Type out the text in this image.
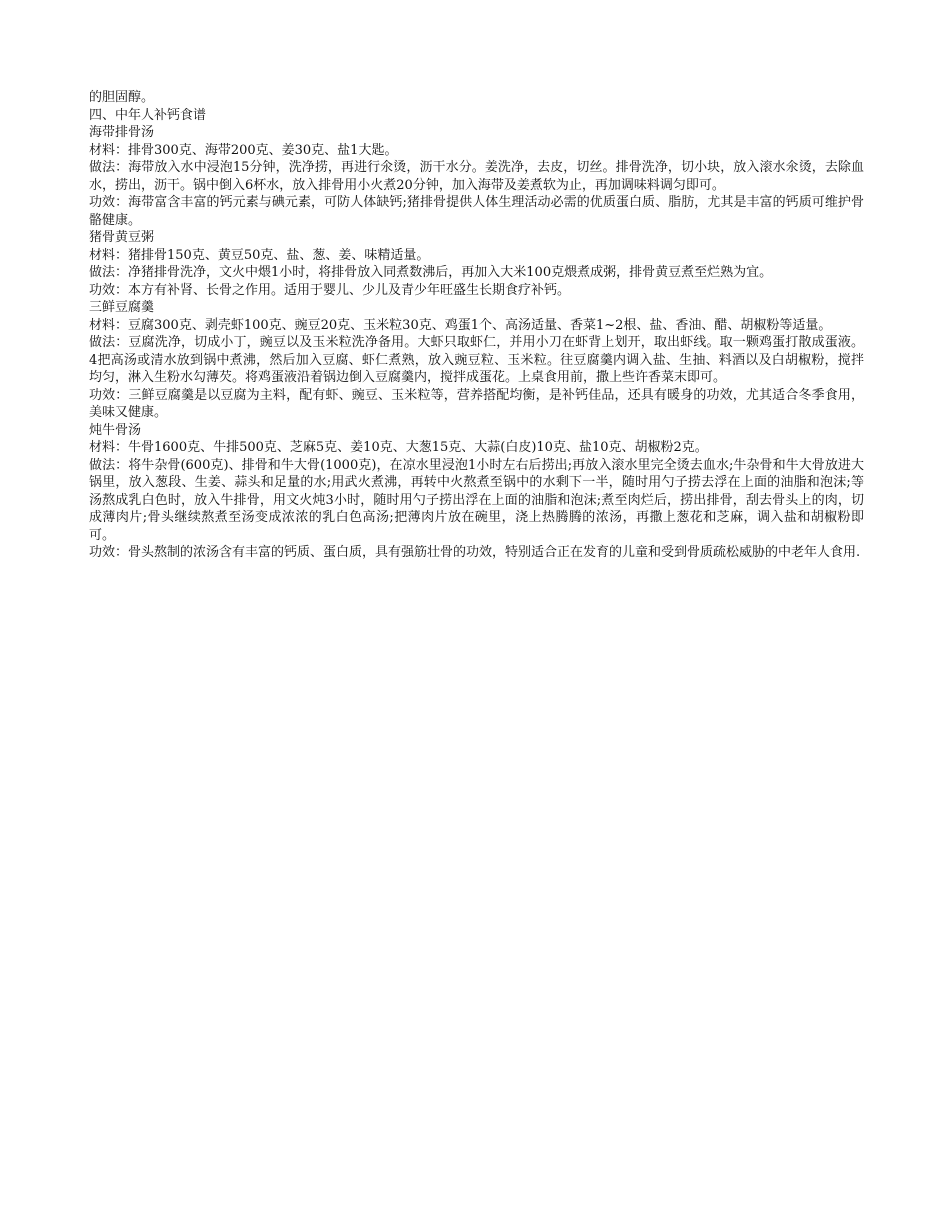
的胆固醇。

四、中年人补钙食谱

海带排骨汤

材料：排骨300克、海带200克、姜30克、盐1大匙。

做法：海带放入水中浸泡15分钟，洗净捞，再进行氽烫，沥干水分。姜洗净，去皮，切丝。排骨洗净，切小块，放入滚水氽烫，去除血水，捞出，沥干。锅中倒入6杯水，放入排骨用小火煮20分钟，加入海带及姜煮软为止，再加调味料调匀即可。

功效：海带富含丰富的钙元素与碘元素，可防人体缺钙;猪排骨提供人体生理活动必需的优质蛋白质、脂肪，尤其是丰富的钙质可维护骨骼健康。

猪骨黄豆粥

材料：猪排骨150克、黄豆50克、盐、葱、姜、味精适量。

做法：净猪排骨洗净，文火中煨1小时，将排骨放入同煮数沸后，再加入大米100克煨煮成粥，排骨黄豆煮至烂熟为宜。

功效：本方有补肾、长骨之作用。适用于婴儿、少儿及青少年旺盛生长期食疗补钙。

三鲜豆腐羹

材料：豆腐300克、剥壳虾100克、豌豆20克、玉米粒30克、鸡蛋1个、高汤适量、香菜1~2根、盐、香油、醋、胡椒粉等适量。

做法：豆腐洗净，切成小丁，豌豆以及玉米粒洗净备用。大虾只取虾仁，并用小刀在虾背上划开，取出虾线。取一颗鸡蛋打散成蛋液。4把高汤或清水放到锅中煮沸，然后加入豆腐、虾仁煮熟，放入豌豆粒、玉米粒。往豆腐羹内调入盐、生抽、料酒以及白胡椒粉，搅拌均匀，淋入生粉水勾薄芡。将鸡蛋液沿着锅边倒入豆腐羹内，搅拌成蛋花。上桌食用前，撒上些许香菜末即可。

功效：三鲜豆腐羹是以豆腐为主料，配有虾、豌豆、玉米粒等，营养搭配均衡，是补钙佳品，还具有暖身的功效，尤其适合冬季食用，美味又健康。

炖牛骨汤

材料：牛骨1600克、牛排500克、芝麻5克、姜10克、大葱15克、大蒜(白皮)10克、盐10克、胡椒粉2克。

做法：将牛杂骨(600克)、排骨和牛大骨(1000克)，在凉水里浸泡1小时左右后捞出;再放入滚水里完全烫去血水;牛杂骨和牛大骨放进大锅里，放入葱段、生姜、蒜头和足量的水;用武火煮沸，再转中火熬煮至锅中的水剩下一半，随时用勺子捞去浮在上面的油脂和泡沫;等汤熬成乳白色时，放入牛排骨，用文火炖3小时，随时用勺子捞出浮在上面的油脂和泡沫;煮至肉烂后，捞出排骨，刮去骨头上的肉，切成薄肉片;骨头继续熬煮至汤变成浓浓的乳白色高汤;把薄肉片放在碗里，浇上热腾腾的浓汤，再撒上葱花和芝麻，调入盐和胡椒粉即可。

功效：骨头熬制的浓汤含有丰富的钙质、蛋白质，具有强筋壮骨的功效，特别适合正在发育的儿童和受到骨质疏松威胁的中老年人食用.
